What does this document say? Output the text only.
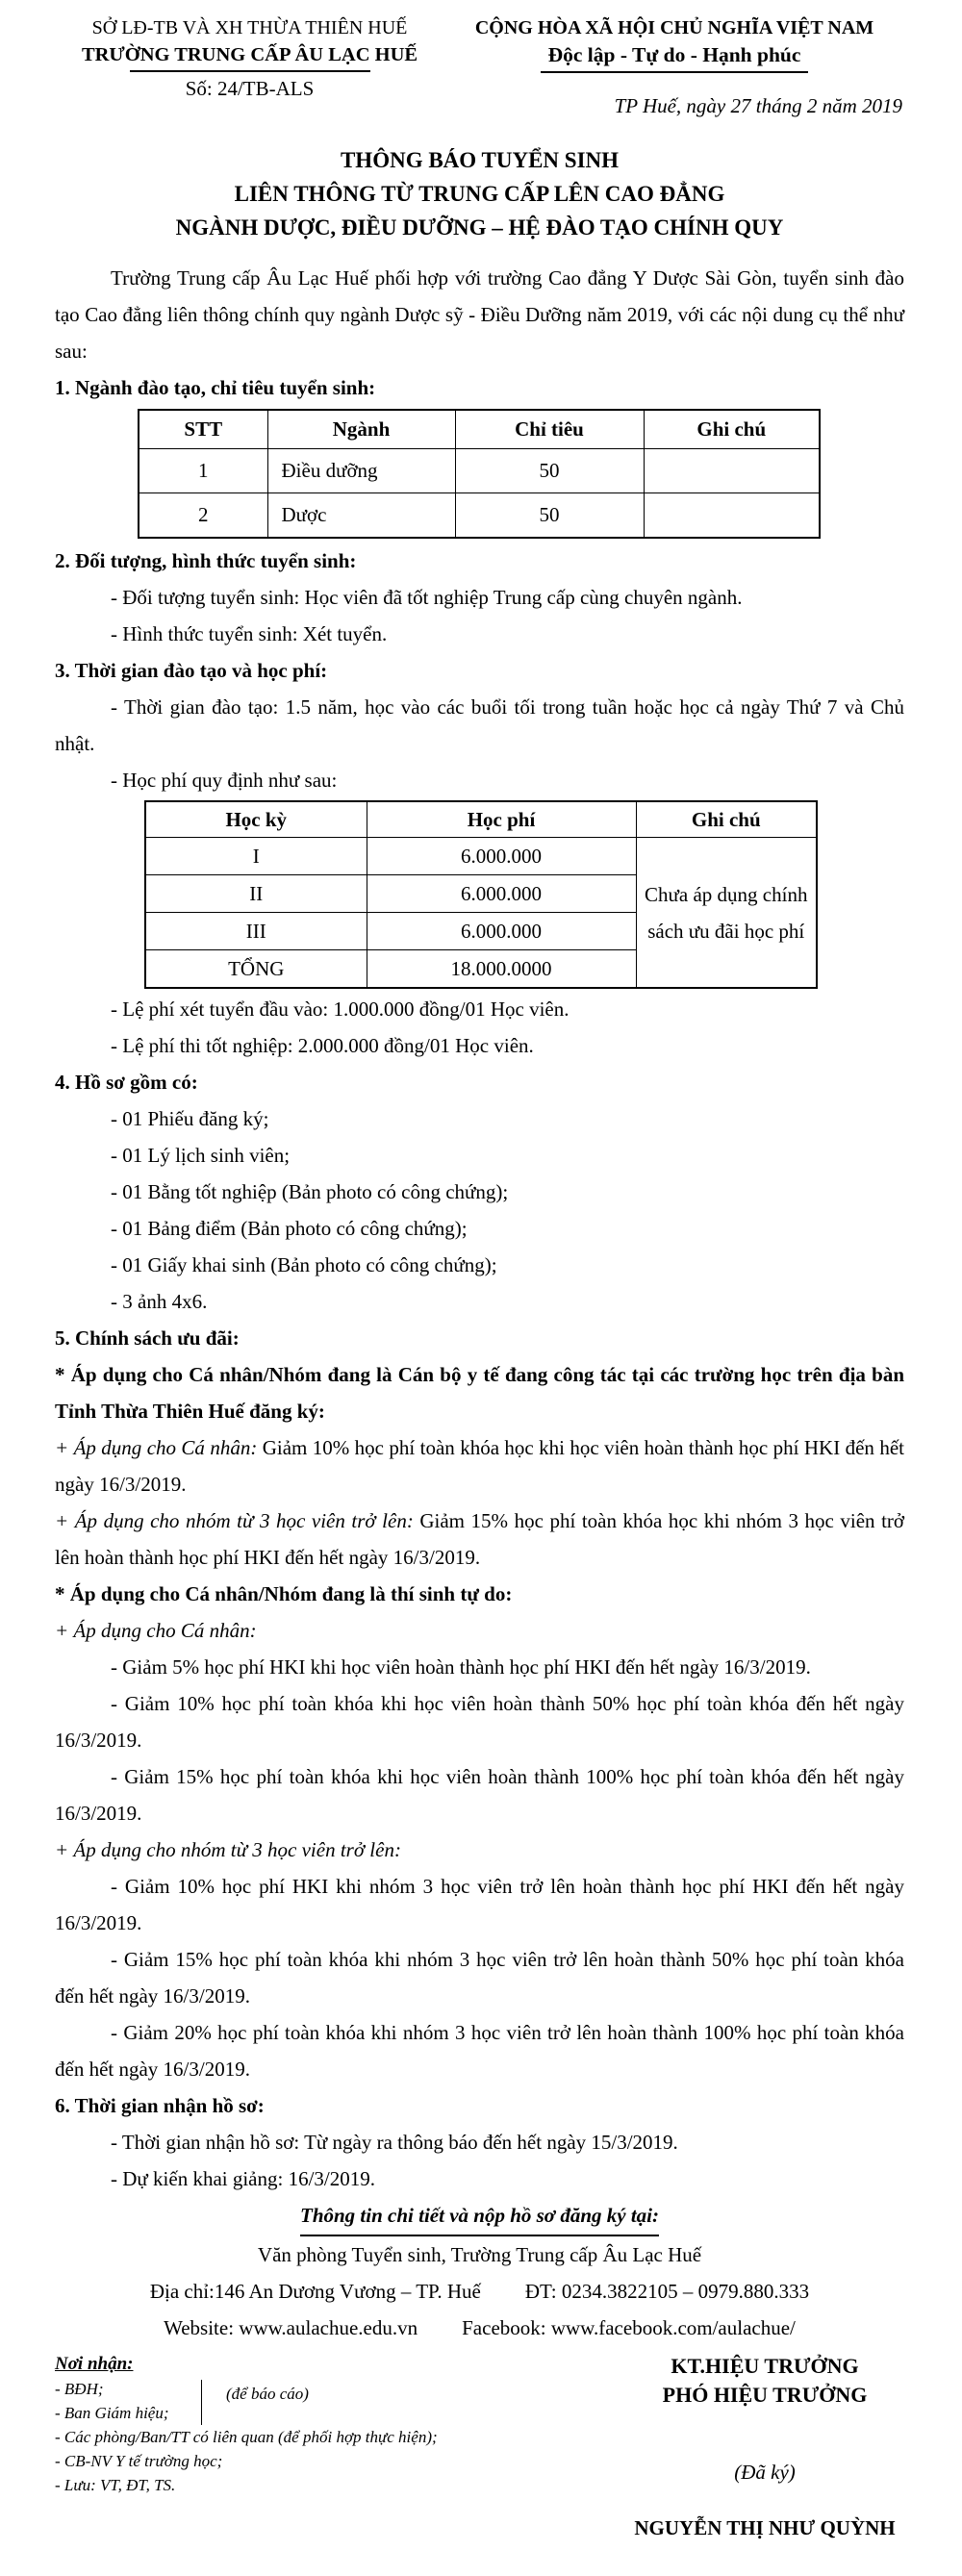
SỞ LĐ-TB VÀ XH THỪA THIÊN HUẾ
TRƯỜNG TRUNG CẤP ÂU LẠC HUẾ
Số: 24/TB-ALS
CỘNG HÒA XÃ HỘI CHỦ NGHĨA VIỆT NAM
Độc lập - Tự do - Hạnh phúc
TP Huế, ngày 27 tháng 2 năm 2019
THÔNG BÁO TUYỂN SINH
LIÊN THÔNG TỪ TRUNG CẤP LÊN CAO ĐẲNG
NGÀNH DƯỢC, ĐIỀU DƯỠNG – HỆ ĐÀO TẠO CHÍNH QUY
Trường Trung cấp Âu Lạc Huế phối hợp với trường Cao đẳng Y Dược Sài Gòn, tuyển sinh đào tạo Cao đẳng liên thông chính quy ngành Dược sỹ - Điều Dưỡng năm 2019, với các nội dung cụ thể như sau:
1. Ngành đào tạo, chỉ tiêu tuyển sinh:
STT	Ngành	Chỉ tiêu	Ghi chú
1	Điều dưỡng	50	
2	Dược	50	
2. Đối tượng, hình thức tuyển sinh:
- Đối tượng tuyển sinh: Học viên đã tốt nghiệp Trung cấp cùng chuyên ngành.
- Hình thức tuyển sinh: Xét tuyển.
3. Thời gian đào tạo và học phí:
- Thời gian đào tạo: 1.5 năm, học vào các buổi tối trong tuần hoặc học cả ngày Thứ 7 và Chủ nhật.
- Học phí quy định như sau:
Học kỳ	Học phí	Ghi chú
I	6.000.000	Chưa áp dụng chính sách ưu đãi học phí
II	6.000.000	
III	6.000.000	
TỔNG	18.000.0000	
- Lệ phí xét tuyển đầu vào: 1.000.000 đồng/01 Học viên.
- Lệ phí thi tốt nghiệp: 2.000.000 đồng/01 Học viên.
4. Hồ sơ gồm có:
- 01 Phiếu đăng ký;
- 01 Lý lịch sinh viên;
- 01 Bằng tốt nghiệp (Bản photo có công chứng);
- 01 Bảng điểm (Bản photo có công chứng);
- 01 Giấy khai sinh (Bản photo có công chứng);
- 3 ảnh 4x6.
5. Chính sách ưu đãi:
* Áp dụng cho Cá nhân/Nhóm đang là Cán bộ y tế đang công tác tại các trường học trên địa bàn Tỉnh Thừa Thiên Huế đăng ký:
+ Áp dụng cho Cá nhân: Giảm 10% học phí toàn khóa học khi học viên hoàn thành học phí HKI đến hết ngày 16/3/2019.
+ Áp dụng cho nhóm từ 3 học viên trở lên: Giảm 15% học phí toàn khóa học khi nhóm 3 học viên trở lên hoàn thành học phí HKI đến hết ngày 16/3/2019.
* Áp dụng cho Cá nhân/Nhóm đang là thí sinh tự do:
+ Áp dụng cho Cá nhân:
- Giảm 5% học phí HKI khi học viên hoàn thành học phí HKI đến hết ngày 16/3/2019.
- Giảm 10% học phí toàn khóa khi học viên hoàn thành 50% học phí toàn khóa đến hết ngày 16/3/2019.
- Giảm 15% học phí toàn khóa khi học viên hoàn thành 100% học phí toàn khóa đến hết ngày 16/3/2019.
+ Áp dụng cho nhóm từ 3 học viên trở lên:
- Giảm 10% học phí HKI khi nhóm 3 học viên trở lên hoàn thành học phí HKI đến hết ngày 16/3/2019.
- Giảm 15% học phí toàn khóa khi nhóm 3 học viên trở lên hoàn thành 50% học phí toàn khóa đến hết ngày 16/3/2019.
- Giảm 20% học phí toàn khóa khi nhóm 3 học viên trở lên hoàn thành 100% học phí toàn khóa đến hết ngày 16/3/2019.
6. Thời gian nhận hồ sơ:
- Thời gian nhận hồ sơ: Từ ngày ra thông báo đến hết ngày 15/3/2019.
- Dự kiến khai giảng: 16/3/2019.
Thông tin chi tiết và nộp hồ sơ đăng ký tại:
Văn phòng Tuyển sinh, Trường Trung cấp Âu Lạc Huế
Địa chỉ:146 An Dương Vương – TP. Huế ĐT: 0234.3822105 – 0979.880.333
Website: www.aulachue.edu.vn Facebook: www.facebook.com/aulachue/
Nơi nhận:
- BĐH;
- Ban Giám hiệu;
- Các phòng/Ban/TT có liên quan (để phối hợp thực hiện);
- CB-NV Y tế trường học;
- Lưu: VT, ĐT, TS.
(để báo cáo)
KT.HIỆU TRƯỞNG
PHÓ HIỆU TRƯỞNG
(Đã ký)
NGUYỄN THỊ NHƯ QUỲNH
